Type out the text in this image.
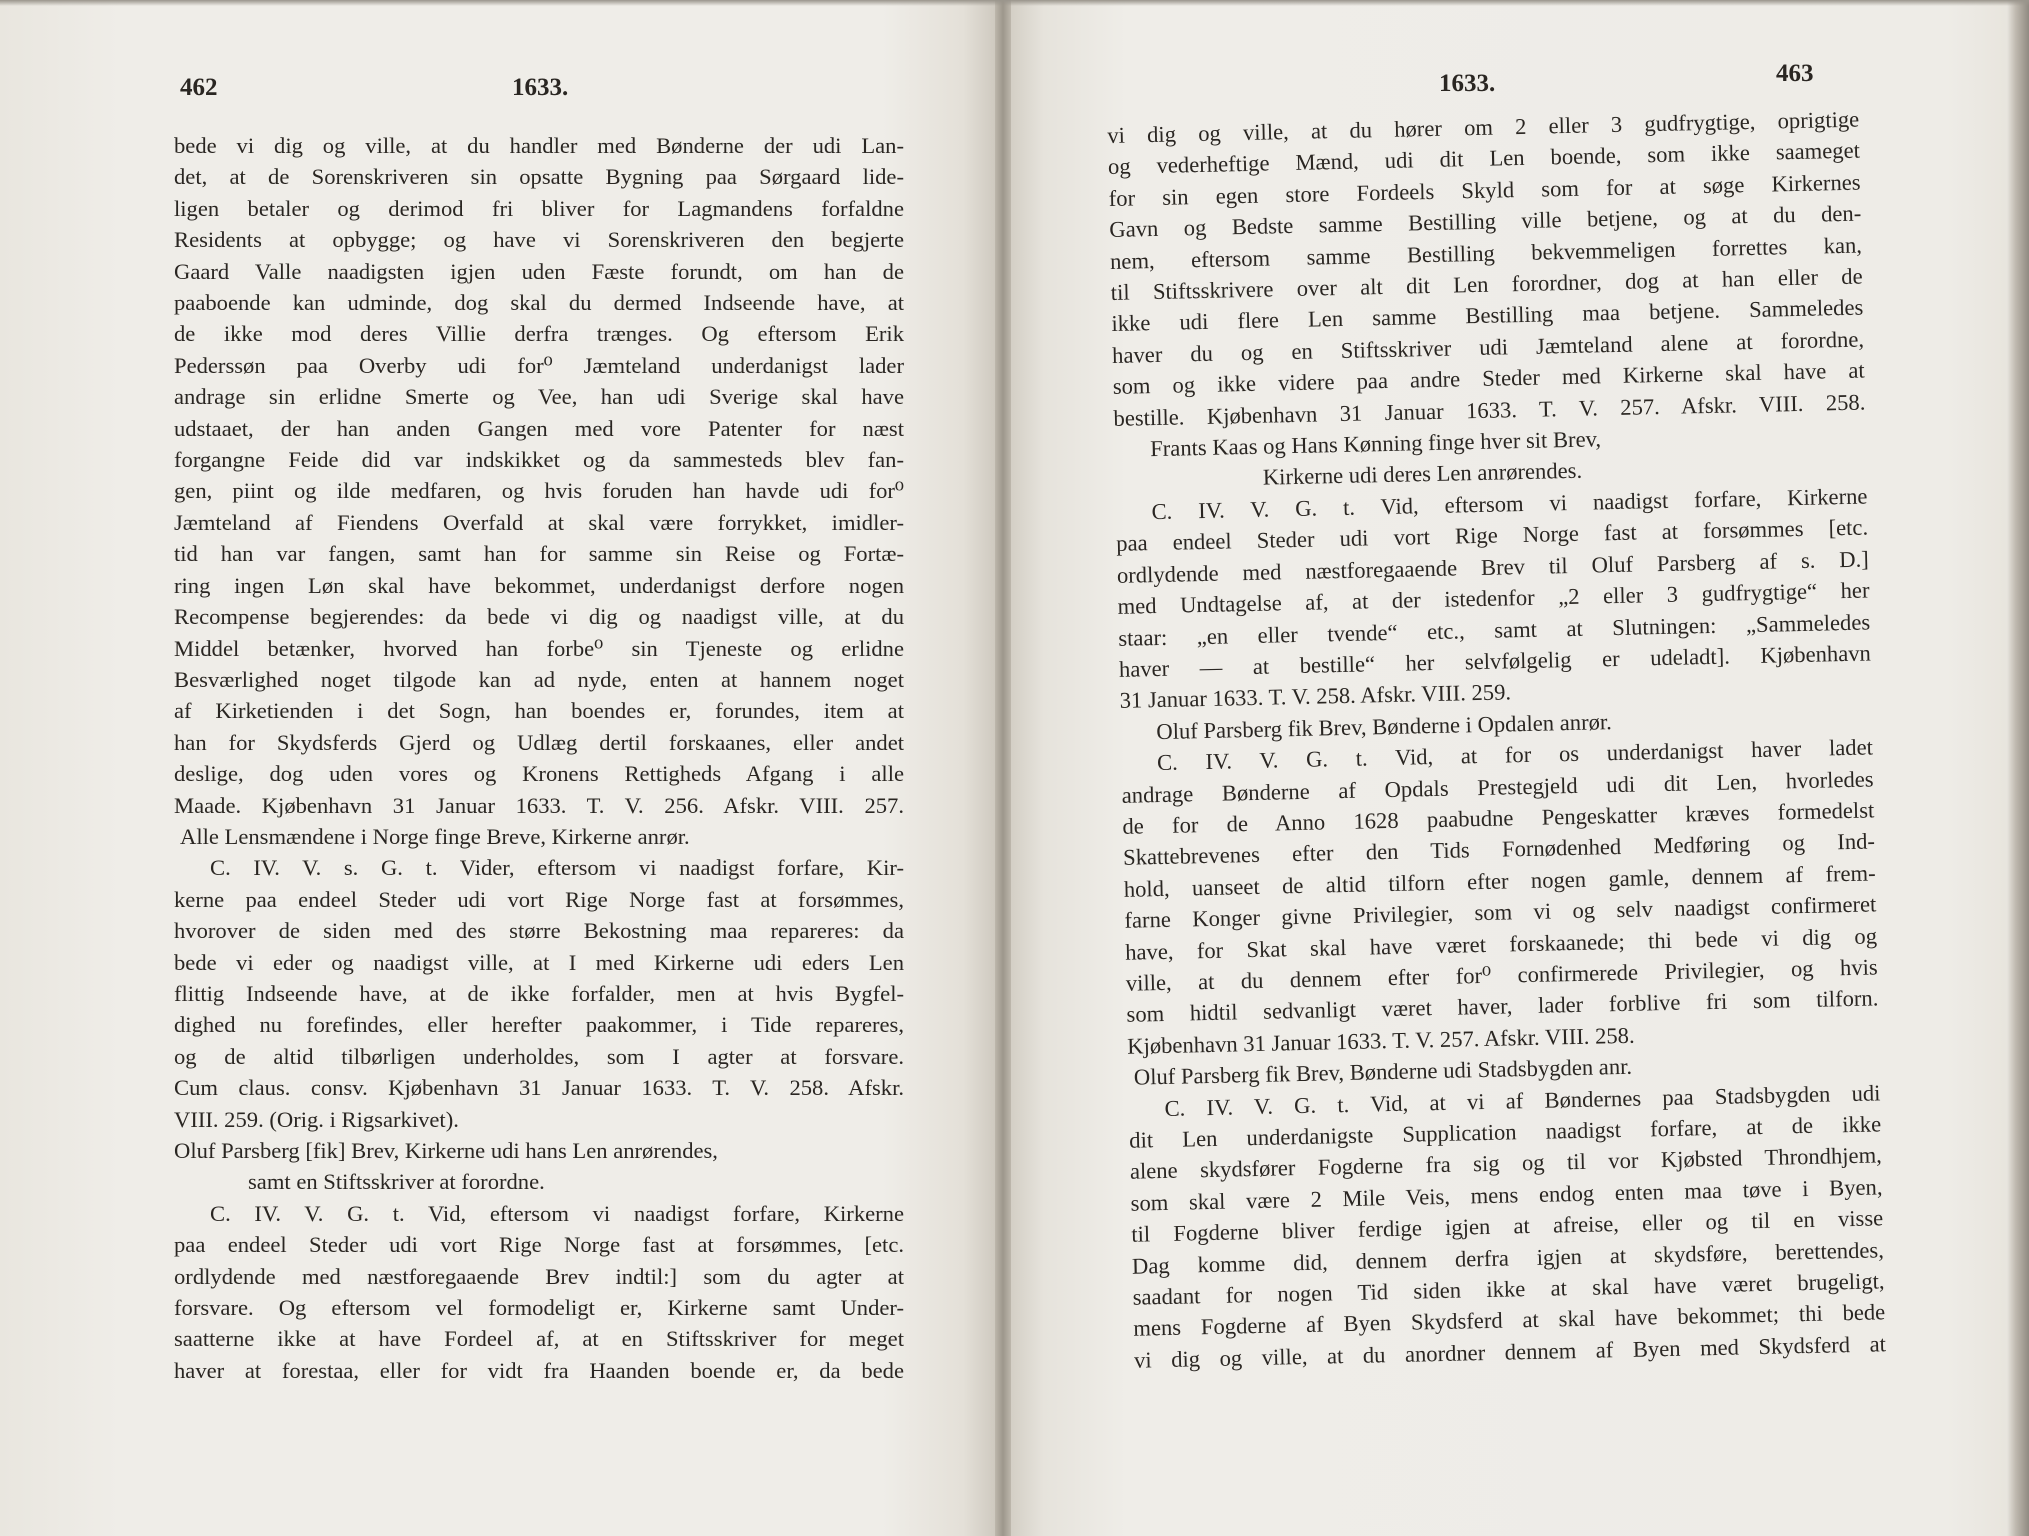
462	1633.
bede vi dig og ville, at du handler med Bønderne der udi Lan-
det, at de Sorenskriveren sin opsatte Bygning paa Sørgaard lide-
ligen betaler og derimod fri bliver for Lagmandens forfaldne
Residents at opbygge; og have vi Sorenskriveren den begjerte
Gaard Valle naadigsten igjen uden Fæste forundt, om han de
paaboende kan udminde, dog skal du dermed Indseende have, at
de ikke mod deres Villie derfra trænges. Og eftersom Erik
Pederssøn paa Overby udi for⁰ Jæmteland underdanigst lader
andrage sin erlidne Smerte og Vee, han udi Sverige skal have
udstaaet, der han anden Gangen med vore Patenter for næst
forgangne Feide did var indskikket og da sammesteds blev fan-
gen, piint og ilde medfaren, og hvis foruden han havde udi for⁰
Jæmteland af Fiendens Overfald at skal være forrykket, imidler-
tid han var fangen, samt han for samme sin Reise og Fortæ-
ring ingen Løn skal have bekommet, underdanigst derfore nogen
Recompense begjerendes: da bede vi dig og naadigst ville, at du
Middel betænker, hvorved han forbe⁰ sin Tjeneste og erlidne
Besværlighed noget tilgode kan ad nyde, enten at hannem noget
af Kirketienden i det Sogn, han boendes er, forundes, item at
han for Skydsferds Gjerd og Udlæg dertil forskaanes, eller andet
deslige, dog uden vores og Kronens Rettigheds Afgang i alle
Maade. Kjøbenhavn 31 Januar 1633. T. V. 256. Afskr. VIII. 257.
Alle Lensmændene i Norge finge Breve, Kirkerne anrør.
C. IV. V. s. G. t. Vider, eftersom vi naadigst forfare, Kir-
kerne paa endeel Steder udi vort Rige Norge fast at forsømmes,
hvorover de siden med des større Bekostning maa repareres: da
bede vi eder og naadigst ville, at I med Kirkerne udi eders Len
flittig Indseende have, at de ikke forfalder, men at hvis Bygfel-
dighed nu forefindes, eller herefter paakommer, i Tide repareres,
og de altid tilbørligen underholdes, som I agter at forsvare.
Cum claus. consv. Kjøbenhavn 31 Januar 1633. T. V. 258. Afskr.
VIII. 259. (Orig. i Rigsarkivet).
Oluf Parsberg [fik] Brev, Kirkerne udi hans Len anrørendes,
samt en Stiftsskriver at forordne.
C. IV. V. G. t. Vid, eftersom vi naadigst forfare, Kirkerne
paa endeel Steder udi vort Rige Norge fast at forsømmes, [etc.
ordlydende med næstforegaaende Brev indtil:] som du agter at
forsvare. Og eftersom vel formodeligt er, Kirkerne samt Under-
saatterne ikke at have Fordeel af, at en Stiftsskriver for meget
haver at forestaa, eller for vidt fra Haanden boende er, da bede
1633.	463
vi dig og ville, at du hører om 2 eller 3 gudfrygtige, oprigtige
og vederheftige Mænd, udi dit Len boende, som ikke saameget
for sin egen store Fordeels Skyld som for at søge Kirkernes
Gavn og Bedste samme Bestilling ville betjene, og at du den-
nem, eftersom samme Bestilling bekvemmeligen forrettes kan,
til Stiftsskrivere over alt dit Len forordner, dog at han eller de
ikke udi flere Len samme Bestilling maa betjene. Sammeledes
haver du og en Stiftsskriver udi Jæmteland alene at forordne,
som og ikke videre paa andre Steder med Kirkerne skal have at
bestille. Kjøbenhavn 31 Januar 1633. T. V. 257. Afskr. VIII. 258.
Frants Kaas og Hans Kønning finge hver sit Brev,
Kirkerne udi deres Len anrørendes.
C. IV. V. G. t. Vid, eftersom vi naadigst forfare, Kirkerne
paa endeel Steder udi vort Rige Norge fast at forsømmes [etc.
ordlydende med næstforegaaende Brev til Oluf Parsberg af s. D.]
med Undtagelse af, at der istedenfor „2 eller 3 gudfrygtige“ her
staar: „en eller tvende“ etc., samt at Slutningen: „Sammeledes
haver — at bestille“ her selvfølgelig er udeladt]. Kjøbenhavn
31 Januar 1633. T. V. 258. Afskr. VIII. 259.
Oluf Parsberg fik Brev, Bønderne i Opdalen anrør.
C. IV. V. G. t. Vid, at for os underdanigst haver ladet
andrage Bønderne af Opdals Prestegjeld udi dit Len, hvorledes
de for de Anno 1628 paabudne Pengeskatter kræves formedelst
Skattebrevenes efter den Tids Fornødenhed Medføring og Ind-
hold, uanseet de altid tilforn efter nogen gamle, dennem af frem-
farne Konger givne Privilegier, som vi og selv naadigst confirmeret
have, for Skat skal have været forskaanede; thi bede vi dig og
ville, at du dennem efter for⁰ confirmerede Privilegier, og hvis
som hidtil sedvanligt været haver, lader forblive fri som tilforn.
Kjøbenhavn 31 Januar 1633. T. V. 257. Afskr. VIII. 258.
Oluf Parsberg fik Brev, Bønderne udi Stadsbygden anr.
C. IV. V. G. t. Vid, at vi af Bøndernes paa Stadsbygden udi
dit Len underdanigste Supplication naadigst forfare, at de ikke
alene skydsfører Fogderne fra sig og til vor Kjøbsted Throndhjem,
som skal være 2 Mile Veis, mens endog enten maa tøve i Byen,
til Fogderne bliver ferdige igjen at afreise, eller og til en visse
Dag komme did, dennem derfra igjen at skydsføre, berettendes,
saadant for nogen Tid siden ikke at skal have været brugeligt,
mens Fogderne af Byen Skydsferd at skal have bekommet; thi bede
vi dig og ville, at du anordner dennem af Byen med Skydsferd at
